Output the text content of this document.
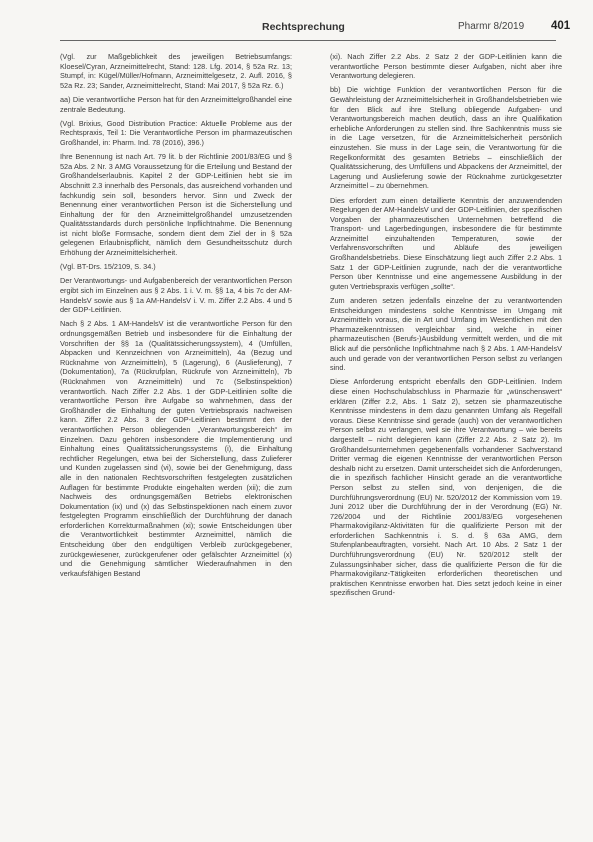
Rechtsprechung	Pharmr 8/2019 401

(Vgl. zur Maßgeblichkeit des jeweiligen Betriebsumfangs: Kloesel/Cyran, Arzneimittelrecht, Stand: 128. Lfg. 2014, § 52a Rz. 13; Stumpf, in: Kügel/Müller/Hofmann, Arzneimittelgesetz, 2. Aufl. 2016, § 52a Rz. 23; Sander, Arzneimittelrecht, Stand: Mai 2017, § 52a Rz. 6.)

aa) Die verantwortliche Person hat für den Arzneimittelgroßhandel eine zentrale Bedeutung.

(Vgl. Brixius, Good Distribution Practice: Aktuelle Probleme aus der Rechtspraxis, Teil 1: Die Verantwortliche Person im pharmazeutischen Großhandel, in: Pharm. Ind. 78 (2016), 396.)

Ihre Benennung ist nach Art. 79 lit. b der Richtlinie 2001/83/EG und § 52a Abs. 2 Nr. 3 AMG Voraussetzung für die Erteilung und Bestand der Großhandelserlaubnis. Kapitel 2 der GDP-Leitlinien hebt sie im Abschnitt 2.3 innerhalb des Personals, das ausreichend vorhanden und fachkundig sein soll, besonders hervor. Sinn und Zweck der Benennung einer verantwortlichen Person ist die Sicherstellung und Einhaltung der für den Arzneimittelgroßhandel umzusetzenden Qualitätsstandards durch persönliche Inpflichtnahme. Die Benennung ist nicht bloße Formsache, sondern dient dem Ziel der in § 52a gelegenen Erlaubnispflicht, nämlich dem Gesundheitsschutz durch Erhöhung der Arzneimittelsicherheit.

(Vgl. BT-Drs. 15/2109, S. 34.)

Der Verantwortungs- und Aufgabenbereich der verantwortlichen Person ergibt sich im Einzelnen aus § 2 Abs. 1 i. V. m. §§ 1a, 4 bis 7c der AM-HandelsV sowie aus § 1a AM-HandelsV i. V. m. Ziffer 2.2 Abs. 4 und 5 der GDP-Leitlinien.

Nach § 2 Abs. 1 AM-HandelsV ist die verantwortliche Person für den ordnungsgemäßen Betrieb und insbesondere für die Einhaltung der Vorschriften der §§ 1a (Qualitätssicherungssystem), 4 (Umfüllen, Abpacken und Kennzeichnen von Arzneimitteln), 4a (Bezug und Rücknahme von Arzneimitteln), 5 (Lagerung), 6 (Auslieferung), 7 (Dokumentation), 7a (Rückrufplan, Rückrufe von Arzneimitteln), 7b (Rücknahmen von Arzneimitteln) und 7c (Selbstinspektion) verantwortlich. Nach Ziffer 2.2 Abs. 1 der GDP-Leitlinien sollte die verantwortliche Person ihre Aufgabe so wahrnehmen, dass der Großhändler die Einhaltung der guten Vertriebspraxis nachweisen kann. Ziffer 2.2 Abs. 3 der GDP-Leitlinien bestimmt den der verantwortlichen Person obliegenden „Verantwortungsbereich“ im Einzelnen. Dazu gehören insbesondere die Implementierung und Einhaltung eines Qualitätssicherungssystems (i), die Einhaltung rechtlicher Regelungen, etwa bei der Sicherstellung, dass Zulieferer und Kunden zugelassen sind (vi), sowie bei der Genehmigung, dass alle in den nationalen Rechtsvorschriften festgelegten zusätzlichen Auflagen für bestimmte Produkte eingehalten werden (xii); die zum Nachweis des ordnungsgemäßen Betriebs elektronischen Dokumentation (ix) und (x) das Selbstinspektionen nach einem zuvor festgelegten Programm einschließlich der Durchführung der danach erforderlichen Korrekturmaßnahmen (xi); sowie Entscheidungen über die Verantwortlichkeit bestimmter Arzneimittel, nämlich die Entscheidung über den endgültigen Verbleib zurückgegebener, zurückgewiesener, zurückgerufener oder gefälschter Arzneimittel (x) und die Genehmigung sämtlicher Wiederaufnahmen in den verkaufsfähigen Bestand

(xi). Nach Ziffer 2.2 Abs. 2 Satz 2 der GDP-Leitlinien kann die verantwortliche Person bestimmte dieser Aufgaben, nicht aber ihre Verantwortung delegieren.

bb) Die wichtige Funktion der verantwortlichen Person für die Gewährleistung der Arzneimittelsicherheit in Großhandelsbetrieben wie für den Blick auf ihre Stellung obliegende Aufgaben- und Verantwortungsbereich machen deutlich, dass an ihre Qualifikation erhebliche Anforderungen zu stellen sind. Ihre Sachkenntnis muss sie in die Lage versetzen, für die Arzneimittelsicherheit persönlich einzustehen. Sie muss in der Lage sein, die Verantwortung für die Regelkonformität des gesamten Betriebs – einschließlich der Qualitätssicherung, des Umfüllens und Abpackens der Arzneimittel, der Lagerung und Auslieferung sowie der Rücknahme zurückgesetzter Arzneimittel – zu übernehmen.

Dies erfordert zum einen detaillierte Kenntnis der anzuwendenden Regelungen der AM-HandelsV und der GDP-Leitlinien, der spezifischen Vorgaben der pharmazeutischen Unternehmen betreffend die Transport- und Lagerbedingungen, insbesondere die für bestimmte Arzneimittel einzuhaltenden Temperaturen, sowie der Verfahrensvorschriften und Abläufe des jeweiligen Großhandelsbetriebs. Diese Einschätzung liegt auch Ziffer 2.2 Abs. 1 Satz 1 der GDP-Leitlinien zugrunde, nach der die verantwortliche Person über Kenntnisse und eine angemessene Ausbildung in der guten Vertriebspraxis verfügen „sollte“.

Zum anderen setzen jedenfalls einzelne der zu verantwortenden Entscheidungen mindestens solche Kenntnisse im Umgang mit Arzneimitteln voraus, die in Art und Umfang im Wesentlichen mit den Pharmazeikenntnissen vergleichbar sind, welche in einer pharmazeutischen (Berufs-)Ausbildung vermittelt werden, und die mit Blick auf die persönliche Inpflichtnahme nach § 2 Abs. 1 AM-HandelsV auch und gerade von der verantwortlichen Person selbst zu verlangen sind.

Diese Anforderung entspricht ebenfalls den GDP-Leitlinien. Indem diese einen Hochschulabschluss in Pharmazie für „wünschenswert“ erklären (Ziffer 2.2, Abs. 1 Satz 2), setzen sie pharmazeutische Kenntnisse mindestens in dem dazu genannten Umfang als Regelfall voraus. Diese Kenntnisse sind gerade (auch) von der verantwortlichen Person selbst zu verlangen, weil sie ihre Verantwortung – wie bereits dargestellt – nicht delegieren kann (Ziffer 2.2 Abs. 2 Satz 2). Im Großhandelsunternehmen gegebenenfalls vorhandener Sachverstand Dritter vermag die eigenen Kenntnisse der verantwortlichen Person deshalb nicht zu ersetzen. Damit unterscheidet sich die Anforderungen, die in spezifisch fachlicher Hinsicht gerade an die verantwortliche Person selbst zu stellen sind, von denjenigen, die die Durchführungsverordnung (EU) Nr. 520/2012 der Kommission vom 19. Juni 2012 über die Durchführung der in der Verordnung (EG) Nr. 726/2004 und der Richtlinie 2001/83/EG vorgesehenen Pharmakovigilanz-Aktivitäten für die qualifizierte Person mit der erforderlichen Sachkenntnis i. S. d. § 63a AMG, dem Stufenplanbeauftragten, vorsieht. Nach Art. 10 Abs. 2 Satz 1 der Durchführungsverordnung (EU) Nr. 520/2012 stellt der Zulassungsinhaber sicher, dass die qualifizierte Person die für die Pharmakovigilanz-Tätigkeiten erforderlichen theoretischen und praktischen Kenntnisse erworben hat. Dies setzt jedoch keine in einer spezifischen Grund-
